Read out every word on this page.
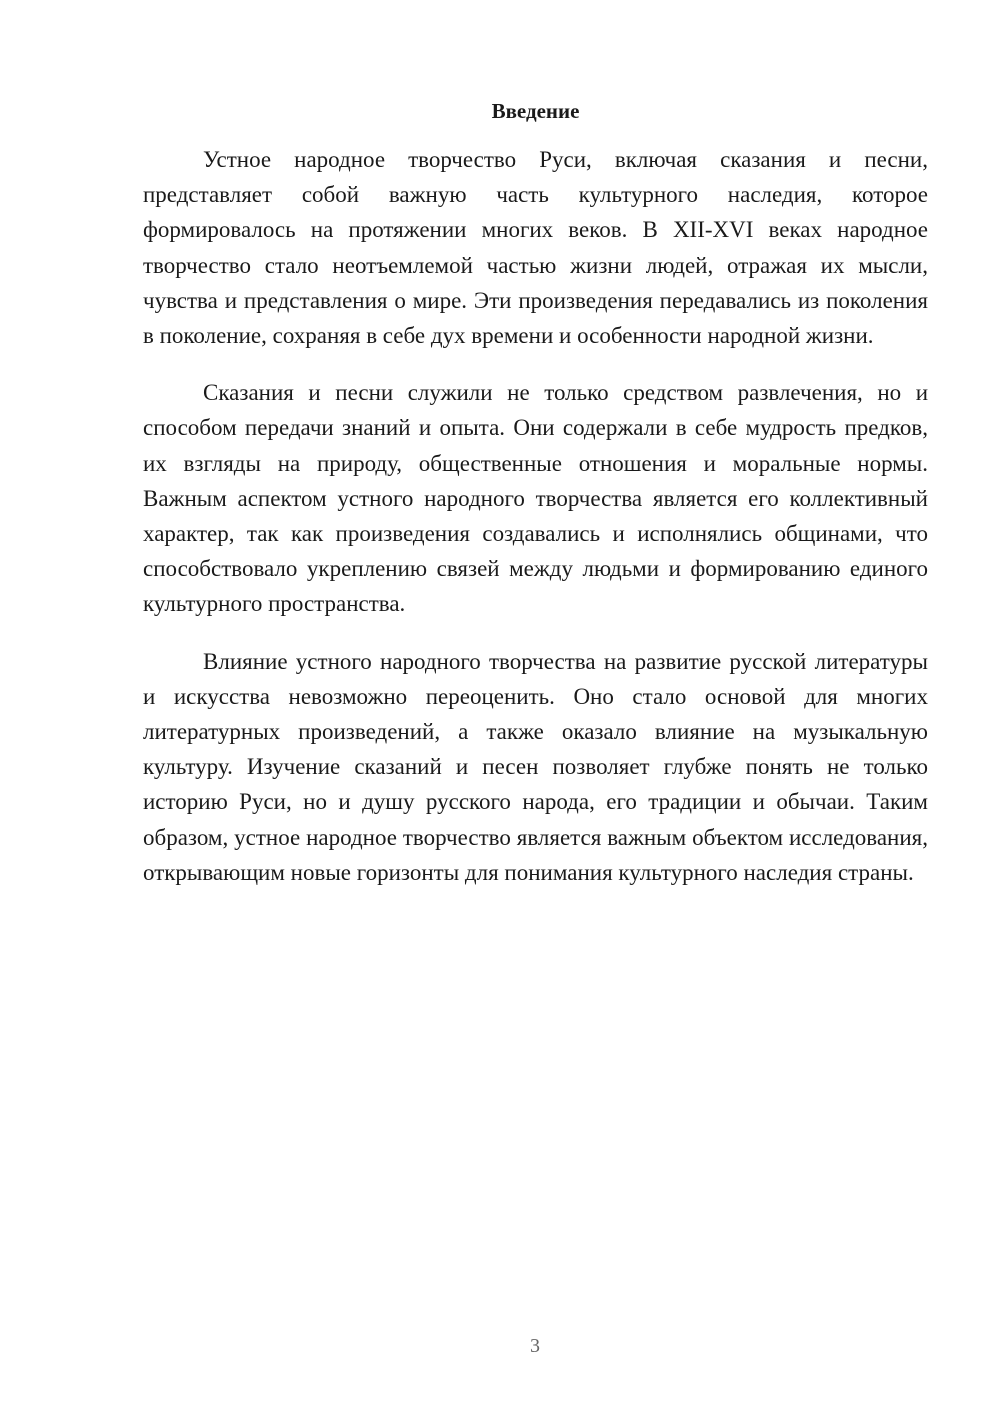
Введение

Устное народное творчество Руси, включая сказания и песни, представляет собой важную часть культурного наследия, которое формировалось на протяжении многих веков. В XII-XVI веках народное творчество стало неотъемлемой частью жизни людей, отражая их мысли, чувства и представления о мире. Эти произведения передавались из поколения в поколение, сохраняя в себе дух времени и особенности народной жизни.

Сказания и песни служили не только средством развлечения, но и способом передачи знаний и опыта. Они содержали в себе мудрость предков, их взгляды на природу, общественные отношения и моральные нормы. Важным аспектом устного народного творчества является его коллективный характер, так как произведения создавались и исполнялись общинами, что способствовало укреплению связей между людьми и формированию единого культурного пространства.

Влияние устного народного творчества на развитие русской литературы и искусства невозможно переоценить. Оно стало основой для многих литературных произведений, а также оказало влияние на музыкальную культуру. Изучение сказаний и песен позволяет глубже понять не только историю Руси, но и душу русского народа, его традиции и обычаи. Таким образом, устное народное творчество является важным объектом исследования, открывающим новые горизонты для понимания культурного наследия страны.

3
